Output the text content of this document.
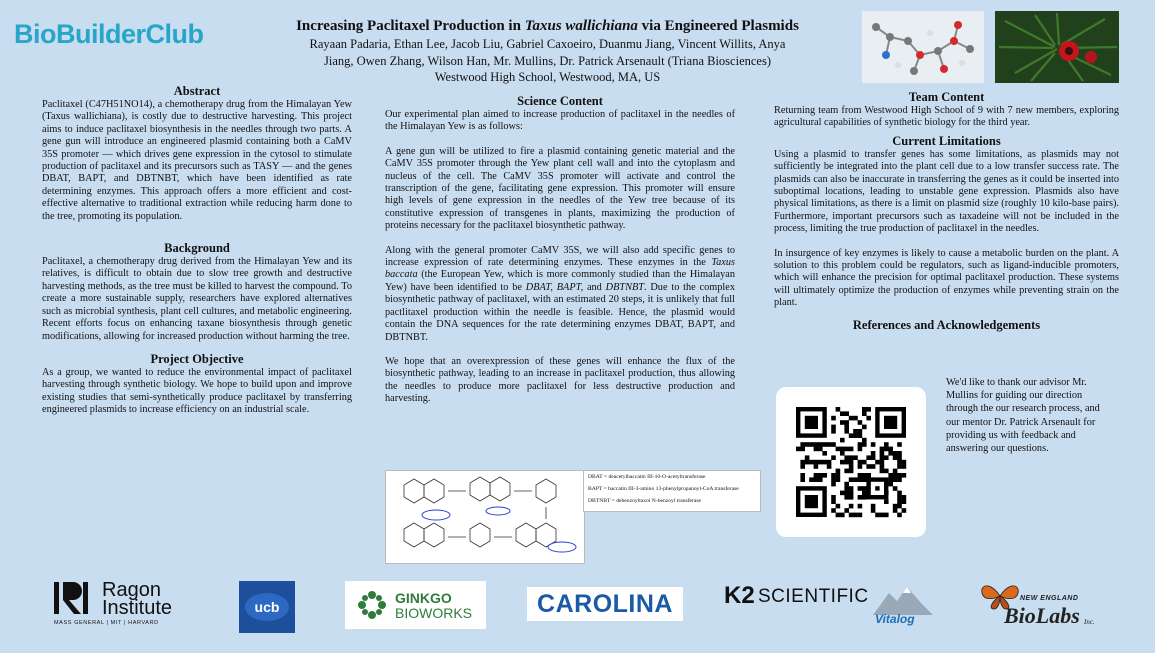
BioBuilderClub	Increasing Paclitaxel Production in Taxus wallichiana via Engineered Plasmids
Rayaan Padaria, Ethan Lee, Jacob Liu, Gabriel Caxoeiro, Duanmu Jiang, Vincent Willits, Anya
Jiang, Owen Zhang, Wilson Han, Mr. Mullins, Dr. Patrick Arsenault (Triana Biosciences)
Westwood High School, Westwood, MA, US
Abstract
Paclitaxel (C47H51NO14), a chemotherapy drug from the Himalayan Yew (Taxus wallichiana), is costly due to destructive harvesting. This project aims to induce paclitaxel biosynthesis in the needles through two parts. A gene gun will introduce an engineered plasmid containing both a CaMV 35S promoter — which drives gene expression in the cytosol to stimulate production of paclitaxel and its precursors such as TASY — and the genes DBAT, BAPT, and DBTNBT, which have been identified as rate determining enzymes. This approach offers a more efficient and cost-effective alternative to traditional extraction while reducing harm done to the tree, promoting its population.
Background
Paclitaxel, a chemotherapy drug derived from the Himalayan Yew and its relatives, is difficult to obtain due to slow tree growth and destructive harvesting methods, as the tree must be killed to harvest the compound. To create a more sustainable supply, researchers have explored alternatives such as microbial synthesis, plant cell cultures, and metabolic engineering. Recent efforts focus on enhancing taxane biosynthesis through genetic modifications, allowing for increased production without harming the tree.
Project Objective
As a group, we wanted to reduce the environmental impact of paclitaxel harvesting through synthetic biology. We hope to build upon and improve existing studies that semi-synthetically produce paclitaxel by transferring engineered plasmids to increase efficiency on an industrial scale.
Science Content

Our experimental plan aimed to increase production of paclitaxel in the needles of the Himalayan Yew is as follows:

A gene gun will be utilized to fire a plasmid containing genetic material and the CaMV 35S promoter through the Yew plant cell wall and into the cytoplasm and nucleus of the cell. The CaMV 35S promoter will activate and control the transcription of the gene, facilitating gene expression. This promoter will ensure high levels of gene expression in the needles of the Yew tree because of its constitutive expression of transgenes in plants, maximizing the production of proteins necessary for the paclitaxel biosynthetic pathway.

Along with the general promoter CaMV 35S, we will also add specific genes to increase expression of rate determining enzymes. These enzymes in the Taxus baccata (the European Yew, which is more commonly studied than the Himalayan Yew) have been identified to be DBAT, BAPT, and DBTNBT. Due to the complex biosynthetic pathway of paclitaxel, with an estimated 20 steps, it is unlikely that full pactlitaxel production within the needle is feasible. Hence, the plasmid would contain the DNA sequences for the rate determining enzymes DBAT, BAPT, and DBTNBT.

We hope that an overexpression of these genes will enhance the flux of the biosynthetic pathway, leading to an increase in paclitaxel production, thus allowing the needles to produce more paclitaxel for less destructive production and harvesting.

DBAT = deacetylbaccatin III-10-O-acetyltransferase
BAPT = baccatin III-3-amino 13-phenylpropanoyl-CoA transferase
DBTNBT = debenzoyltaxol N-benzoyl transferase
Team Content
Returning team from Westwood High School of 9 with 7 new members, exploring agricultural capabilities of synthetic biology for the third year.
Current Limitations

Using a plasmid to transfer genes has some limitations, as plasmids may not sufficiently be integrated into the plant cell due to a low transfer success rate. The plasmids can also be inaccurate in transferring the genes as it could be inserted into suboptimal locations, leading to unstable gene expression. Plasmids also have physical limitations, as there is a limit on plasmid size (roughly 10 kilo-base pairs). Furthermore, important precursors such as taxadeine will not be included in the process, limiting the true production of paclitaxel in the needles.

In insurgence of key enzymes is likely to cause a metabolic burden on the plant. A solution to this problem could be regulators, such as ligand-inducible promoters, which will enhance the precision for optimal paclitaxel production. These systems will ultimately optimize the production of enzymes while preventing strain on the plant.

References and Acknowledgements
We'd like to thank our advisor Mr. Mullins for guiding our direction through the our research process, and our mentor Dr. Patrick Arsenault for providing us with feedback and answering our questions.
Ragon
Institute
MASS GENERAL | MIT | HARVARD
ucb
GINKGO
BIOWORKS	CAROLINA	K2 SCIENTIFIC
Vitalog
NEW ENGLAND
BioLabs Inc.
